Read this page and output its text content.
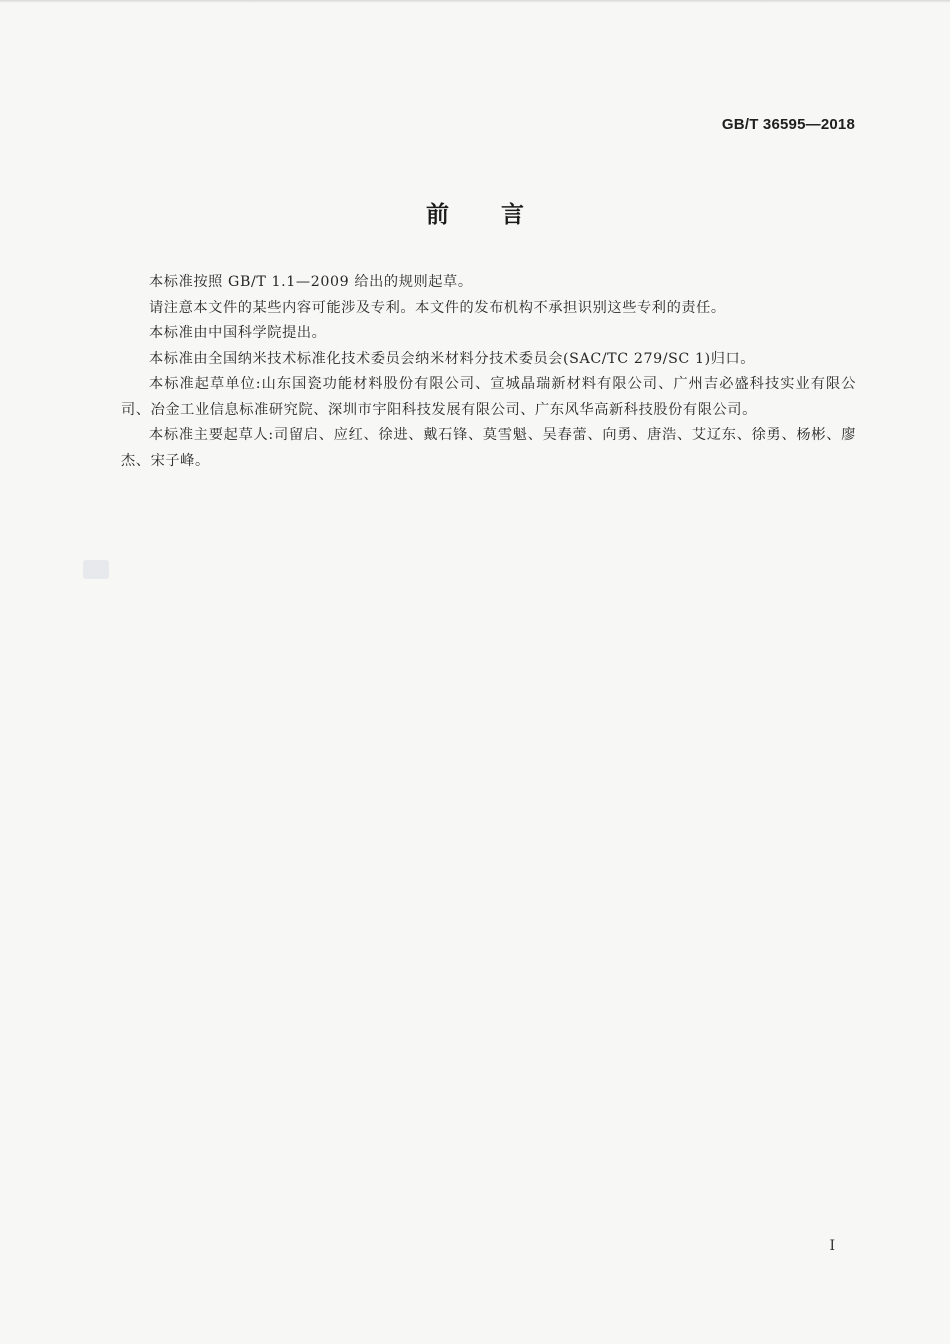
GB/T 36595—2018
前言

本标准按照 GB/T 1.1—2009 给出的规则起草。

请注意本文件的某些内容可能涉及专利。本文件的发布机构不承担识别这些专利的责任。

本标准由中国科学院提出。

本标准由全国纳米技术标准化技术委员会纳米材料分技术委员会(SAC/TC 279/SC 1)归口。

本标准起草单位:山东国瓷功能材料股份有限公司、宣城晶瑞新材料有限公司、广州吉必盛科技实业有限公司、冶金工业信息标准研究院、深圳市宇阳科技发展有限公司、广东风华高新科技股份有限公司。

本标准主要起草人:司留启、应红、徐进、戴石锋、莫雪魁、吴春蕾、向勇、唐浩、艾辽东、徐勇、杨彬、廖杰、宋子峰。

I
